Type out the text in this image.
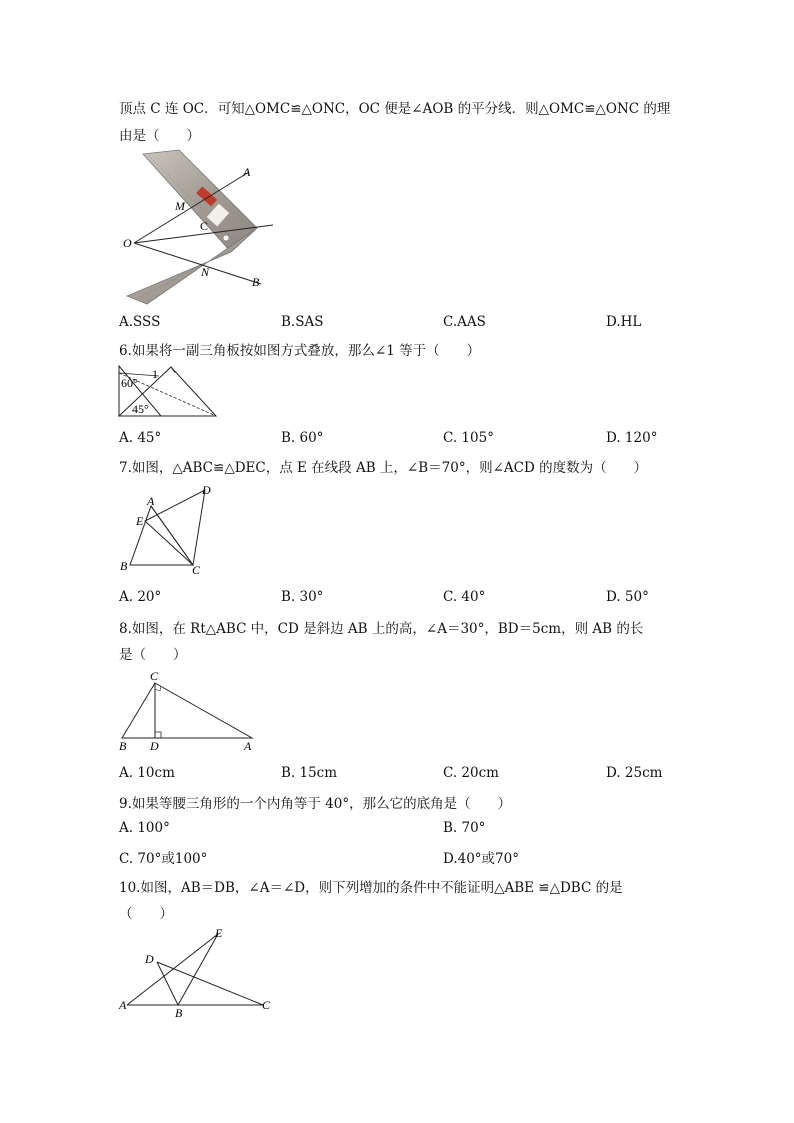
顶点 C 连 OC．可知△OMC≌△ONC，OC 便是∠AOB 的平分线．则△OMC≌△ONC 的理
由是（　　）
A
M
C
O
N
B
A.SSS	B.SAS	C.AAS	D.HL
6.如果将一副三角板按如图方式叠放，那么∠1 等于（　　）
60°
1
45°
A. 45°	B. 60°	C. 105°	D. 120°
7.如图，△ABC≌△DEC，点 E 在线段 AB 上，∠B＝70°，则∠ACD 的度数为（　　）
A
D
E
B	C
A. 20°	B. 30°	C. 40°	D. 50°
8.如图，在 Rt△ABC 中，CD 是斜边 AB 上的高，∠A＝30°，BD＝5cm，则 AB 的长
是（　　）
C
B D	A
A. 10cm	B. 15cm	C. 20cm	D. 25cm
9.如果等腰三角形的一个内角等于 40°，那么它的底角是（　　）
A. 100°	B. 70°
C. 70°或100°	D.40°或70°
10.如图，AB＝DB，∠A＝∠D，则下列增加的条件中不能证明△ABE ≌△DBC 的是
（　　）
E
D
A
B
C
